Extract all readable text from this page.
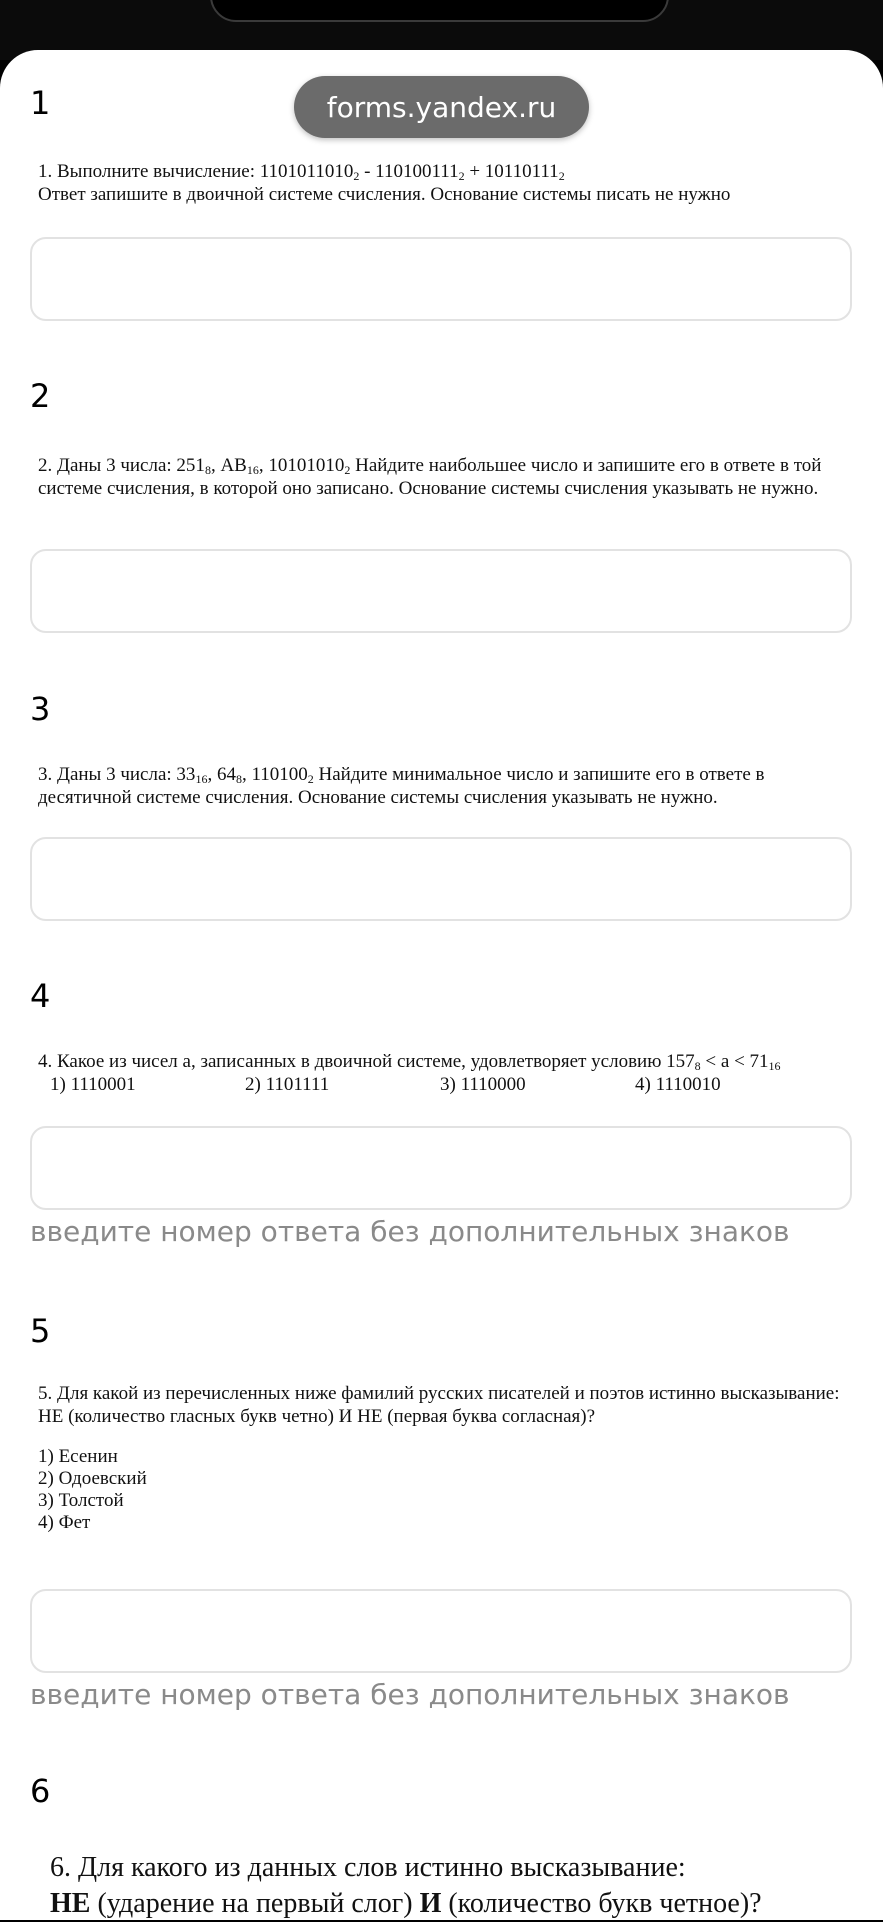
forms.yandex.ru
1
1. Выполните вычисление: $1101011010_2 - 110100111_2 + 10110111_2$
Ответ запишите в двоичной системе счисления. Основание системы писать не нужно
2
2. Даны 3 числа: $251_8$, $AB_{16}$, $10101010_2$ Найдите наибольшее число и запишите его в ответе в той системе счисления, в которой оно записано. Основание системы счисления указывать не нужно.
3
3. Даны 3 числа: $33_{16}$, $64_8$, $110100_2$ Найдите минимальное число и запишите его в ответе в десятичной системе счисления. Основание системы счисления указывать не нужно.
4
4. Какое из чисел а, записанных в двоичной системе, удовлетворяет условию $157_8 < a < 71_{16}$
1) 1110001	2) 1101111	3) 1110000	4) 1110010
введите номер ответа без дополнительных знаков
5
5. Для какой из перечисленных ниже фамилий русских писателей и поэтов истинно высказывание:
НЕ (количество гласных букв четно) И НЕ (первая буква согласная)?
1) Есенин
2) Одоевский
3) Толстой
4) Фет
введите номер ответа без дополнительных знаков
6
6. Для какого из данных слов истинно высказывание:
НЕ (ударение на первый слог) И (количество букв четное)?
